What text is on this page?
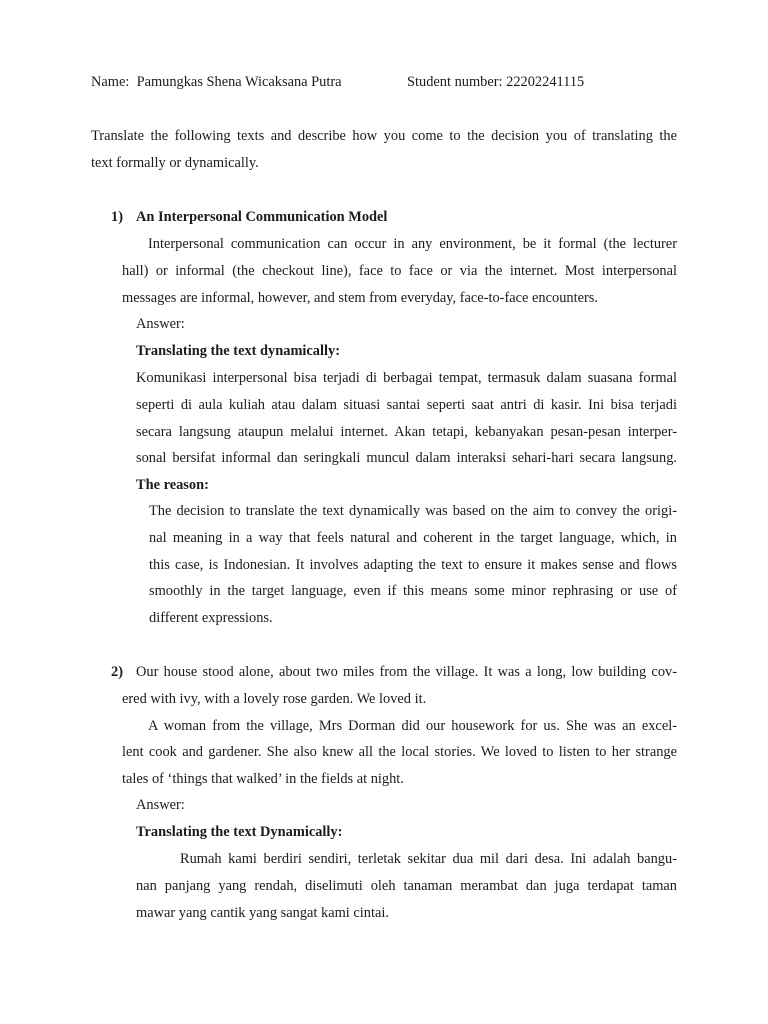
Name: Pamungkas Shena Wicaksana Putra	Student number: 22202241115
Translate the following texts and describe how you come to the decision you of translating the
text formally or dynamically.
1) An Interpersonal Communication Model
Interpersonal communication can occur in any environment, be it formal (the lecturer
hall) or informal (the checkout line), face to face or via the internet. Most interpersonal
messages are informal, however, and stem from everyday, face-to-face encounters.
Answer:
Translating the text dynamically:
Komunikasi interpersonal bisa terjadi di berbagai tempat, termasuk dalam suasana formal
seperti di aula kuliah atau dalam situasi santai seperti saat antri di kasir. Ini bisa terjadi
secara langsung ataupun melalui internet. Akan tetapi, kebanyakan pesan-pesan interper-
sonal bersifat informal dan seringkali muncul dalam interaksi sehari-hari secara langsung.
The reason:
The decision to translate the text dynamically was based on the aim to convey the origi-
nal meaning in a way that feels natural and coherent in the target language, which, in
this case, is Indonesian. It involves adapting the text to ensure it makes sense and flows
smoothly in the target language, even if this means some minor rephrasing or use of
different expressions.
2) Our house stood alone, about two miles from the village. It was a long, low building cov-
ered with ivy, with a lovely rose garden. We loved it.
A woman from the village, Mrs Dorman did our housework for us. She was an excel-
lent cook and gardener. She also knew all the local stories. We loved to listen to her strange
tales of ‘things that walked’ in the fields at night.
Answer:
Translating the text Dynamically:
Rumah kami berdiri sendiri, terletak sekitar dua mil dari desa. Ini adalah bangu-
nan panjang yang rendah, diselimuti oleh tanaman merambat dan juga terdapat taman
mawar yang cantik yang sangat kami cintai.
